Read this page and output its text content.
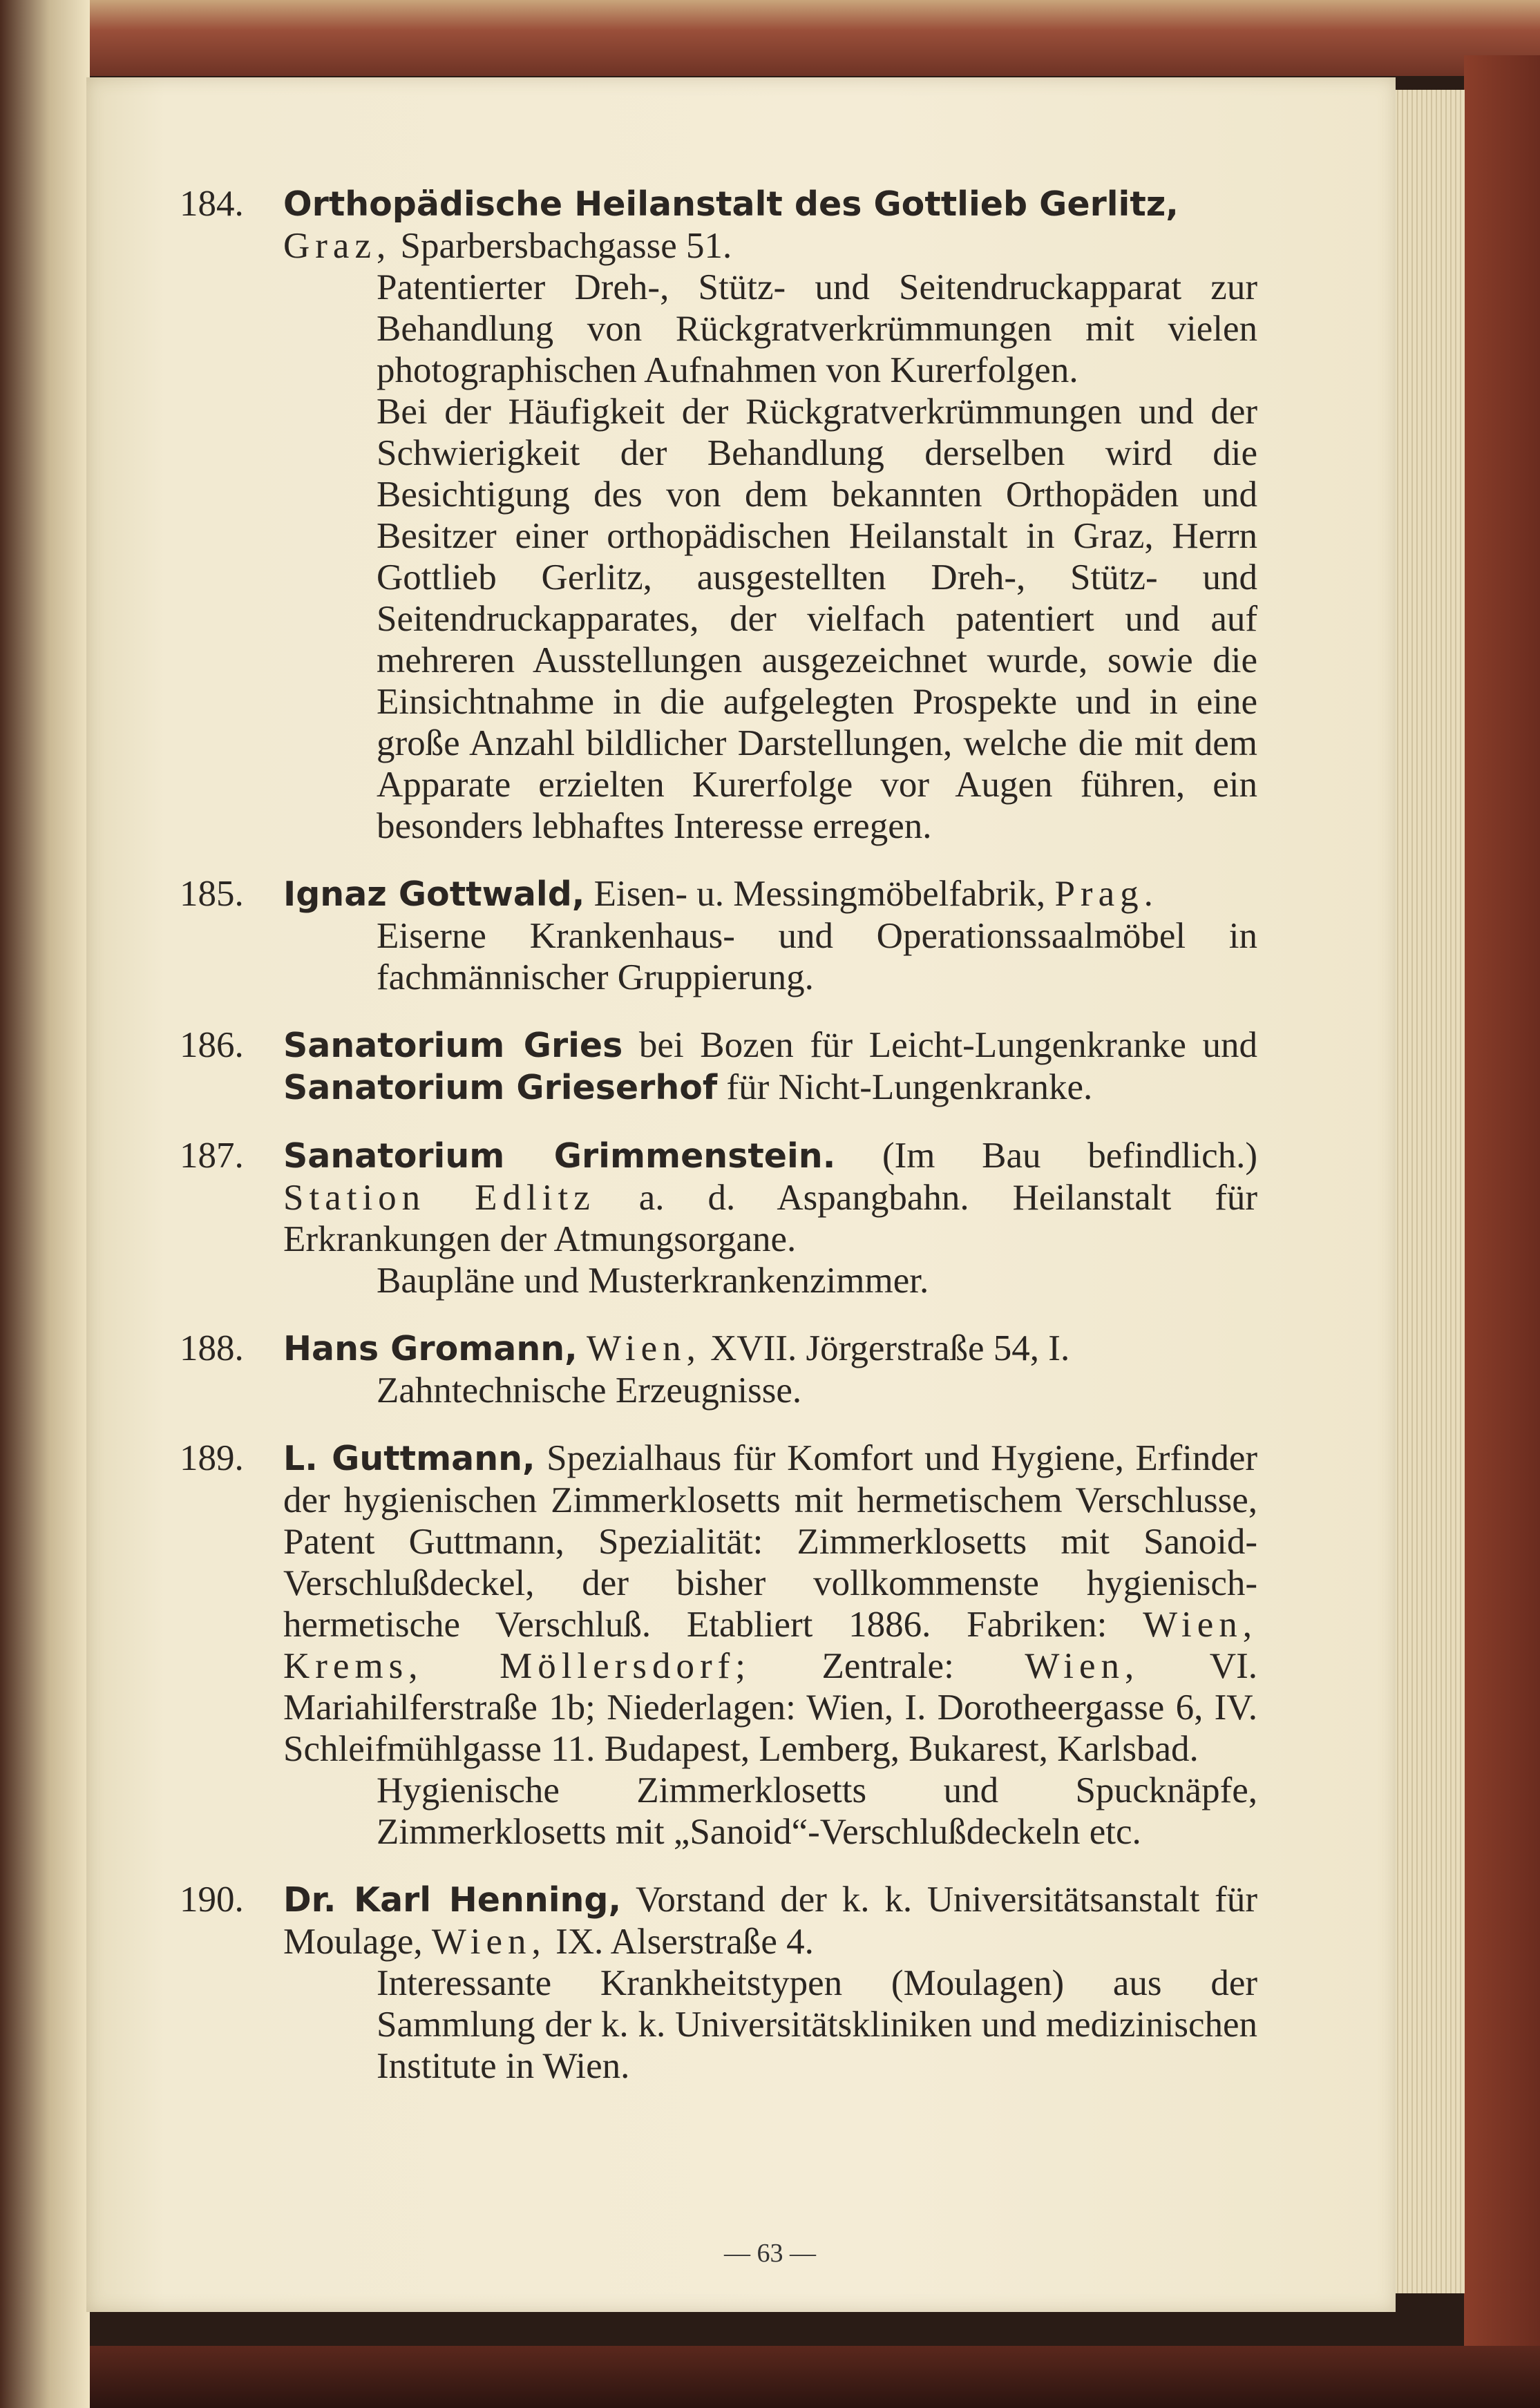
184.	Orthopädische Heilanstalt des Gottlieb Gerlitz,
Graz, Sparbersbachgasse 51.
Patentierter Dreh-, Stütz- und Seitendruckapparat zur Behandlung von Rückgratverkrümmungen mit vielen photographischen Aufnahmen von Kurerfolgen.
Bei der Häufigkeit der Rückgratverkrümmungen und der Schwierigkeit der Behandlung derselben wird die Besichtigung des von dem bekannten Orthopäden und Besitzer einer orthopädischen Heilanstalt in Graz, Herrn Gottlieb Gerlitz, ausgestellten Dreh-, Stütz- und Seitendruckapparates, der vielfach patentiert und auf mehreren Ausstellungen ausgezeichnet wurde, sowie die Einsichtnahme in die aufgelegten Prospekte und in eine große Anzahl bildlicher Darstellungen, welche die mit dem Apparate erzielten Kurerfolge vor Augen führen, ein besonders lebhaftes Interesse erregen.
185.	Ignaz Gottwald, Eisen- u. Messingmöbelfabrik, Prag.
Eiserne Krankenhaus- und Operationssaalmöbel in fachmännischer Gruppierung.
186.	Sanatorium Gries bei Bozen für Leicht-Lungenkranke und Sanatorium Grieserhof für Nicht-Lungenkranke.
187.	Sanatorium Grimmenstein. (Im Bau befindlich.) Station Edlitz a. d. Aspangbahn. Heilanstalt für Erkrankungen der Atmungsorgane.
Baupläne und Musterkrankenzimmer.
188.	Hans Gromann, Wien, XVII. Jörgerstraße 54, I.
Zahntechnische Erzeugnisse.
189.	L. Guttmann, Spezialhaus für Komfort und Hygiene, Erfinder der hygienischen Zimmerklosetts mit hermetischem Verschlusse, Patent Guttmann, Spezialität: Zimmerklosetts mit Sanoid-Verschlußdeckel, der bisher vollkommenste hygienisch-hermetische Verschluß. Etabliert 1886. Fabriken: Wien, Krems, Möllersdorf; Zentrale: Wien, VI. Mariahilferstraße 1b; Niederlagen: Wien, I. Dorotheergasse 6, IV. Schleifmühlgasse 11. Budapest, Lemberg, Bukarest, Karlsbad.
Hygienische Zimmerklosetts und Spucknäpfe, Zimmerklosetts mit „Sanoid“-Verschlußdeckeln etc.
190.	Dr. Karl Henning, Vorstand der k. k. Universitätsanstalt für Moulage, Wien, IX. Alserstraße 4.
Interessante Krankheitstypen (Moulagen) aus der Sammlung der k. k. Universitätskliniken und medizinischen Institute in Wien.
— 63 —
